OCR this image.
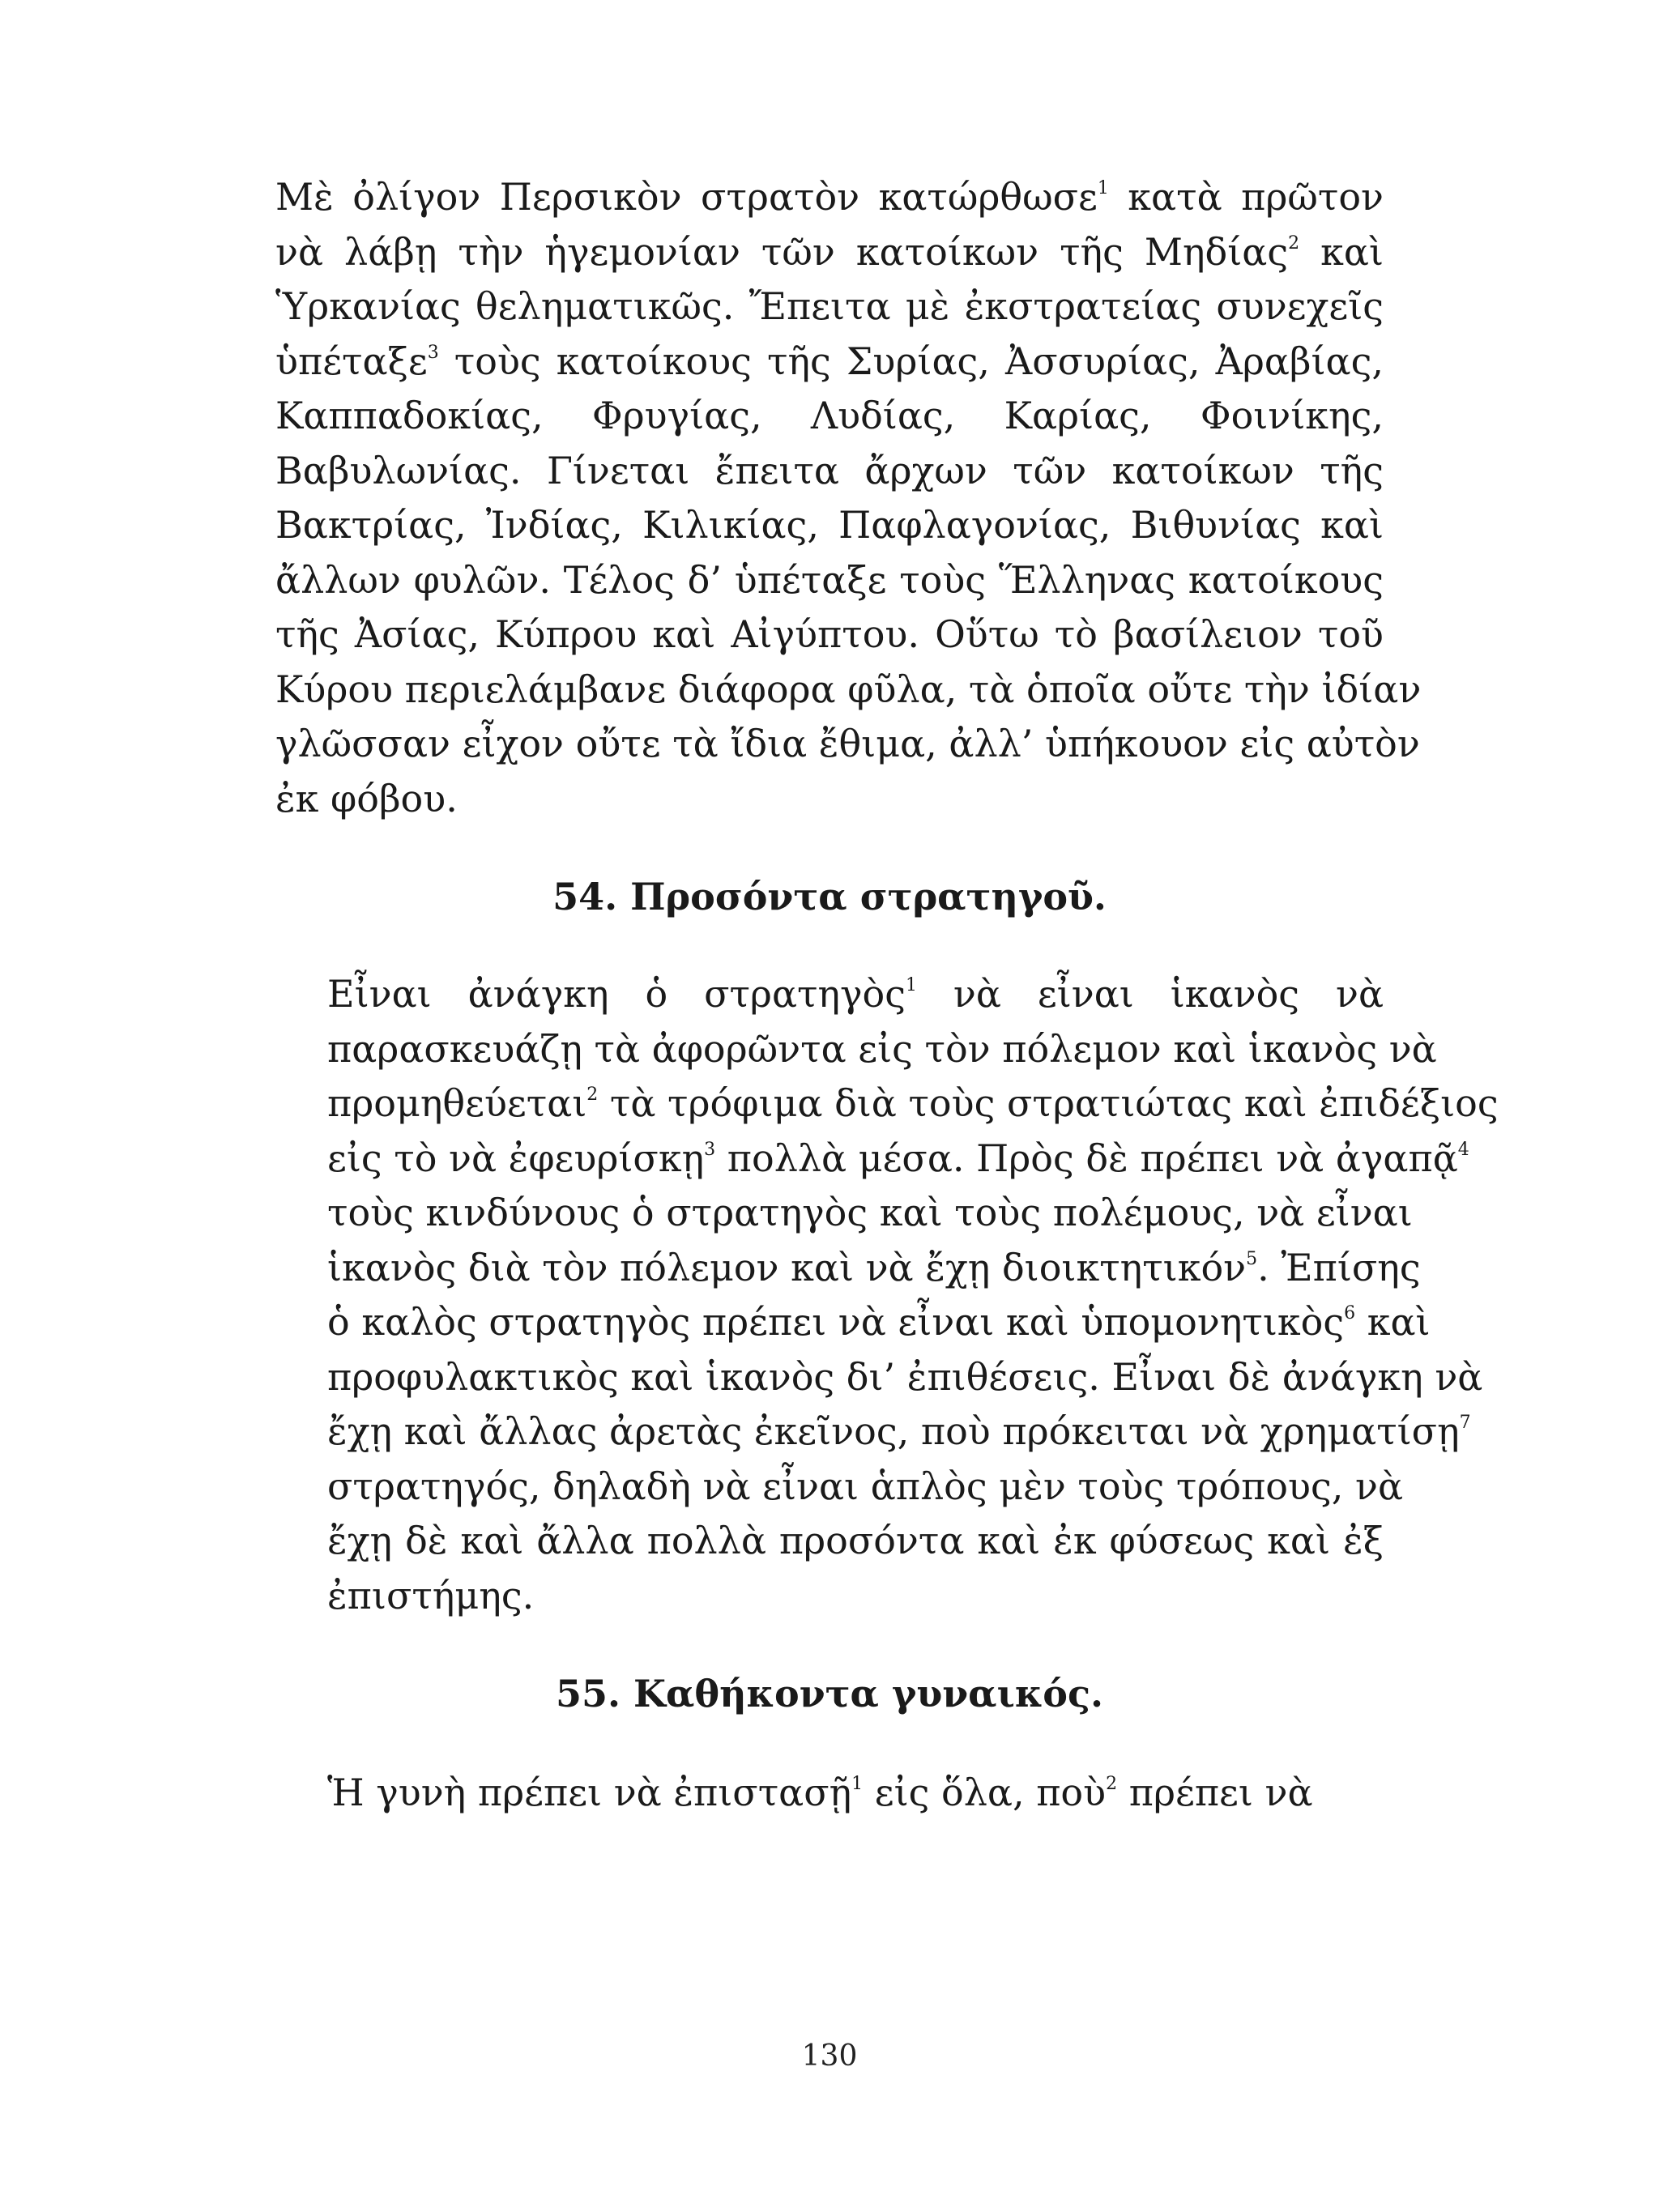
Μὲ ὀλίγον Περσικὸν στρατὸν κατώρθωσε$^1$ κατὰ πρῶτον
νὰ λάβῃ τὴν ἡγεμονίαν τῶν κατοίκων τῆς Μηδίας$^2$ καὶ
Ὑρκανίας θεληματικῶς. Ἔπειτα μὲ ἐκστρατείας συνεχεῖς
ὑπέταξε$^3$ τοὺς κατοίκους τῆς Συρίας, Ἀσσυρίας, Ἀραβίας,
Καππαδοκίας, Φρυγίας, Λυδίας, Καρίας, Φοινίκης,
Βαβυλωνίας. Γίνεται ἔπειτα ἄρχων τῶν κατοίκων τῆς
Βακτρίας, Ἰνδίας, Κιλικίας, Παφλαγονίας, Βιθυνίας καὶ
ἄλλων φυλῶν. Τέλος δ’ ὑπέταξε τοὺς Ἕλληνας κατοίκους
τῆς Ἀσίας, Κύπρου καὶ Αἰγύπτου. Οὕτω τὸ βασίλειον τοῦ
Κύρου περιελάμβανε διάφορα φῦλα, τὰ ὁποῖα οὔτε τὴν ἰδίαν
γλῶσσαν εἶχον οὔτε τὰ ἴδια ἔθιμα, ἀλλ’ ὑπήκουον εἰς αὐτὸν
ἐκ φόβου.
54. Προσόντα στρατηγοῦ.
Εἶναι ἀνάγκη ὁ στρατηγὸς$^1$ νὰ εἶναι ἱκανὸς νὰ
παρασκευάζῃ τὰ ἀφορῶντα εἰς τὸν πόλεμον καὶ ἱκανὸς νὰ
προμηθεύεται$^2$ τὰ τρόφιμα διὰ τοὺς στρατιώτας καὶ ἐπιδέξιος
εἰς τὸ νὰ ἐφευρίσκῃ$^3$ πολλὰ μέσα. Πρὸς δὲ πρέπει νὰ ἀγαπᾷ$^4$
τοὺς κινδύνους ὁ στρατηγὸς καὶ τοὺς πολέμους, νὰ εἶναι
ἱκανὸς διὰ τὸν πόλεμον καὶ νὰ ἔχῃ διοικτητικόν$^5$. Ἐπίσης
ὁ καλὸς στρατηγὸς πρέπει νὰ εἶναι καὶ ὑπομονητικὸς$^6$ καὶ
προφυλακτικὸς καὶ ἱκανὸς δι’ ἐπιθέσεις. Εἶναι δὲ ἀνάγκη νὰ
ἔχῃ καὶ ἄλλας ἀρετὰς ἐκεῖνος, ποὺ πρόκειται νὰ χρηματίσῃ$^7$
στρατηγός, δηλαδὴ νὰ εἶναι ἁπλὸς μὲν τοὺς τρόπους, νὰ
ἔχῃ δὲ καὶ ἄλλα πολλὰ προσόντα καὶ ἐκ φύσεως καὶ ἐξ
ἐπιστήμης.
55. Καθήκοντα γυναικός.
Ἡ γυνὴ πρέπει νὰ ἐπιστασῇ$^1$ εἰς ὅλα, ποὺ$^2$ πρέπει νὰ
130
